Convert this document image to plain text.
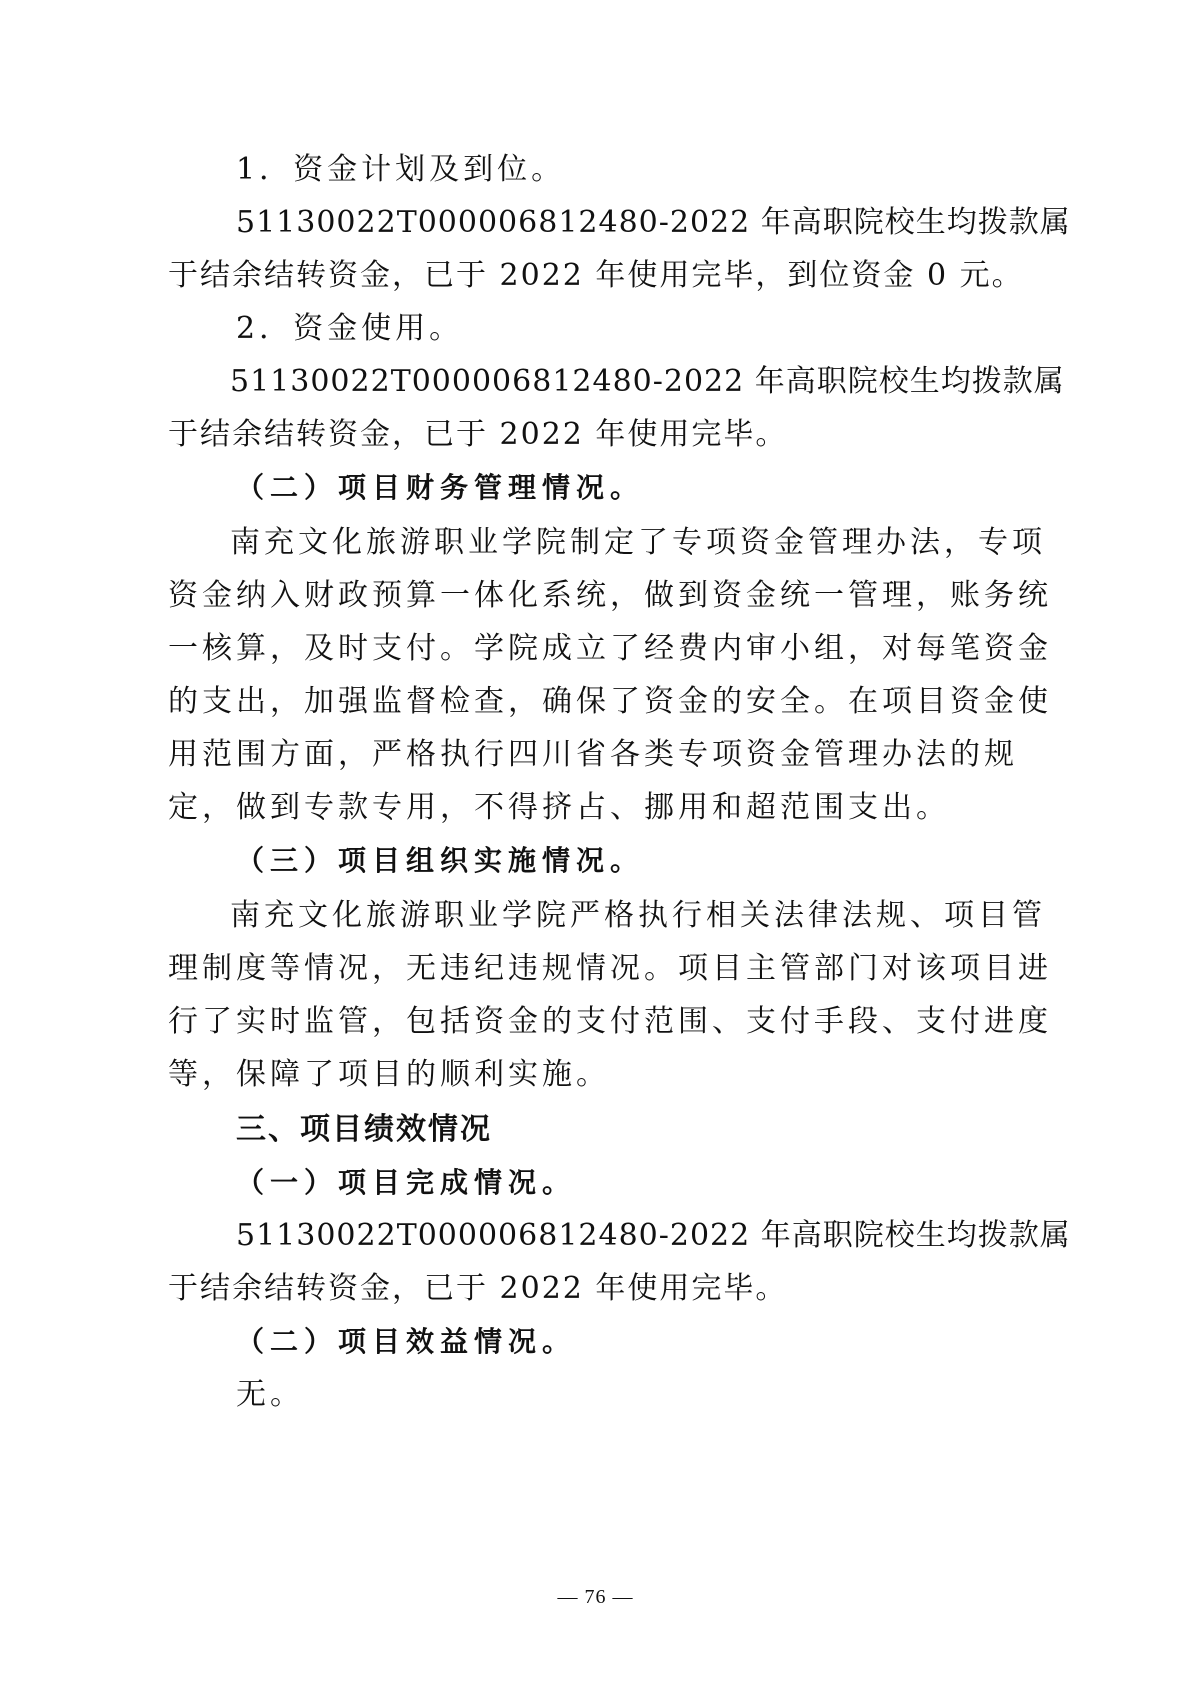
1．资金计划及到位。
51130022T000006812480-2022 年高职院校生均拨款属
于结余结转资金，已于 2022 年使用完毕，到位资金 0 元。
2．资金使用。
51130022T000006812480-2022 年高职院校生均拨款属
于结余结转资金，已于 2022 年使用完毕。
（二）项目财务管理情况。
南充文化旅游职业学院制定了专项资金管理办法，专项
资金纳入财政预算一体化系统，做到资金统一管理，账务统
一核算，及时支付。学院成立了经费内审小组，对每笔资金
的支出，加强监督检查，确保了资金的安全。在项目资金使
用范围方面，严格执行四川省各类专项资金管理办法的规
定，做到专款专用，不得挤占、挪用和超范围支出。
（三）项目组织实施情况。
南充文化旅游职业学院严格执行相关法律法规、项目管
理制度等情况，无违纪违规情况。项目主管部门对该项目进
行了实时监管，包括资金的支付范围、支付手段、支付进度
等，保障了项目的顺利实施。
三、项目绩效情况
（一）项目完成情况。
51130022T000006812480-2022 年高职院校生均拨款属
于结余结转资金，已于 2022 年使用完毕。
（二）项目效益情况。
无。
— 76 —
